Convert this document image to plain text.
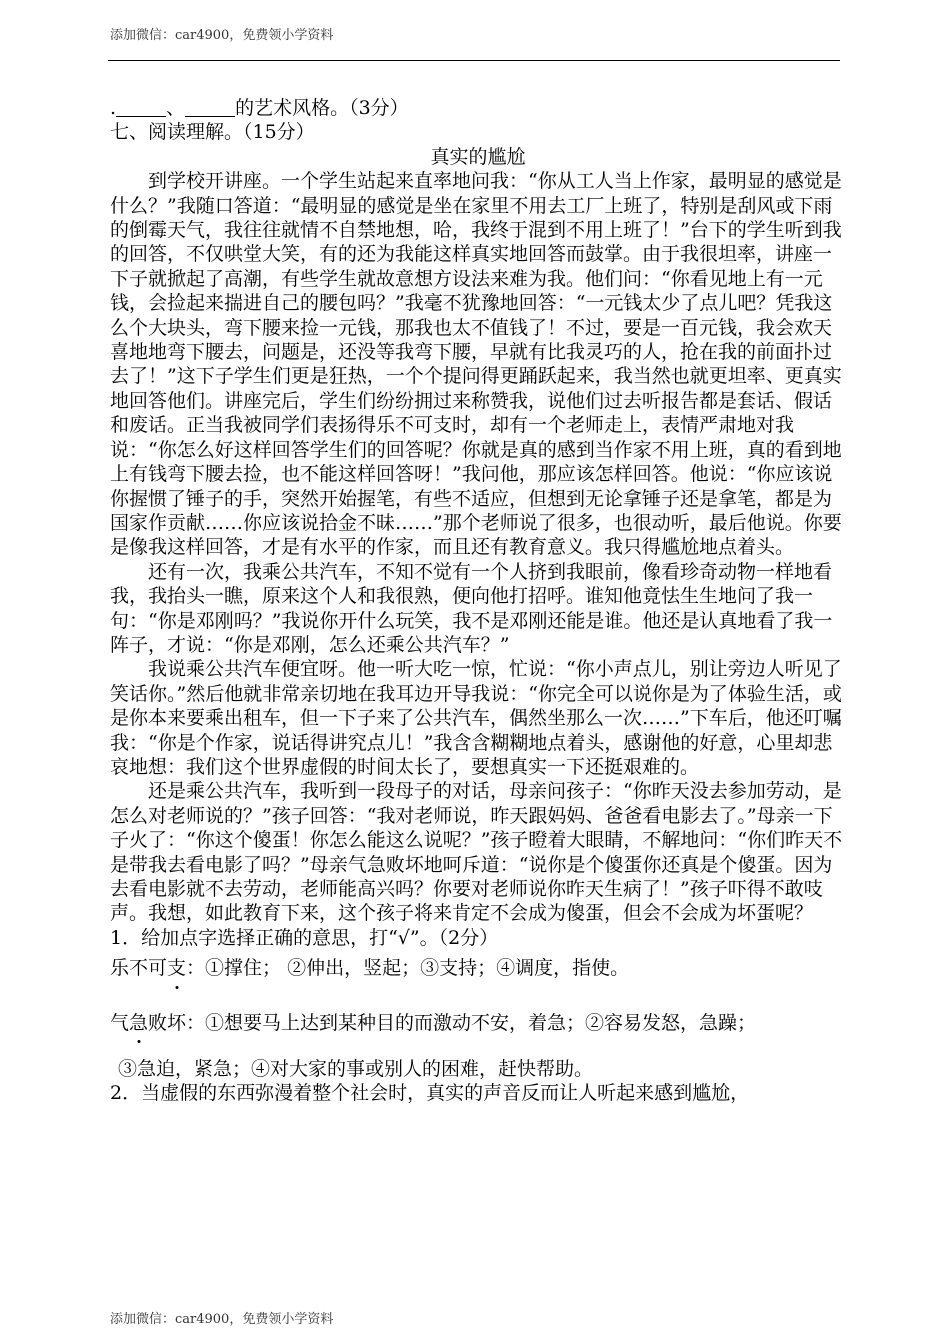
添加微信：car4900，免费领小学资料

.	、	的艺术风格。（3分）

七、阅读理解。（15分）

真实的尴尬

到学校开讲座。一个学生站起来直率地问我：“你从工人当上作家，最明显的感觉是什么？”我随口答道：“最明显的感觉是坐在家里不用去工厂上班了，特别是刮风或下雨的倒霉天气，我往往就情不自禁地想，哈，我终于混到不用上班了！”台下的学生听到我的回答，不仅哄堂大笑，有的还为我能这样真实地回答而鼓掌。由于我很坦率，讲座一下子就掀起了高潮，有些学生就故意想方设法来难为我。他们问：“你看见地上有一元钱，会捡起来揣进自己的腰包吗？”我毫不犹豫地回答：“一元钱太少了点儿吧？凭我这么个大块头，弯下腰来捡一元钱，那我也太不值钱了！不过，要是一百元钱，我会欢天喜地地弯下腰去，问题是，还没等我弯下腰，早就有比我灵巧的人，抢在我的前面扑过去了！”这下子学生们更是狂热，一个个提问得更踊跃起来，我当然也就更坦率、更真实地回答他们。讲座完后，学生们纷纷拥过来称赞我，说他们过去听报告都是套话、假话和废话。正当我被同学们表扬得乐不可支时，却有一个老师走上，表情严肃地对我说：“你怎么好这样回答学生们的回答呢？你就是真的感到当作家不用上班，真的看到地上有钱弯下腰去捡，也不能这样回答呀！”我问他，那应该怎样回答。他说：“你应该说你握惯了锤子的手，突然开始握笔，有些不适应，但想到无论拿锤子还是拿笔，都是为国家作贡献……你应该说拾金不昧……”那个老师说了很多，也很动听，最后他说。你要是像我这样回答，才是有水平的作家，而且还有教育意义。我只得尴尬地点着头。

还有一次，我乘公共汽车，不知不觉有一个人挤到我眼前，像看珍奇动物一样地看我，我抬头一瞧，原来这个人和我很熟，便向他打招呼。谁知他竟怯生生地问了我一句：“你是邓刚吗？”我说你开什么玩笑，我不是邓刚还能是谁。他还是认真地看了我一阵子，才说：“你是邓刚，怎么还乘公共汽车？”

我说乘公共汽车便宜呀。他一听大吃一惊，忙说：“你小声点儿，别让旁边人听见了笑话你。”然后他就非常亲切地在我耳边开导我说：“你完全可以说你是为了体验生活，或是你本来要乘出租车，但一下子来了公共汽车，偶然坐那么一次……”下车后，他还叮嘱我：“你是个作家，说话得讲究点儿！”我含含糊糊地点着头，感谢他的好意，心里却悲哀地想：我们这个世界虚假的时间太长了，要想真实一下还挺艰难的。

还是乘公共汽车，我听到一段母子的对话，母亲问孩子：“你昨天没去参加劳动，是怎么对老师说的？”孩子回答：“我对老师说，昨天跟妈妈、爸爸看电影去了。”母亲一下子火了：“你这个傻蛋！你怎么能这么说呢？”孩子瞪着大眼睛，不解地问：“你们昨天不是带我去看电影了吗？”母亲气急败坏地呵斥道：“说你是个傻蛋你还真是个傻蛋。因为去看电影就不去劳动，老师能高兴吗？你要对老师说你昨天生病了！”孩子吓得不敢吱声。我想，如此教育下来，这个孩子将来肯定不会成为傻蛋，但会不会成为坏蛋呢？

1．给加点字选择正确的意思，打“√”。（2分）

乐不可支：①撑住； ②伸出，竖起；③支持；④调度，指使。

气急败坏：①想要马上达到某种目的而激动不安，着急；②容易发怒，急躁；

③急迫，紧急；④对大家的事或别人的困难，赶快帮助。

2．当虚假的东西弥漫着整个社会时，真实的声音反而让人听起来感到尴尬，

添加微信：car4900，免费领小学资料
